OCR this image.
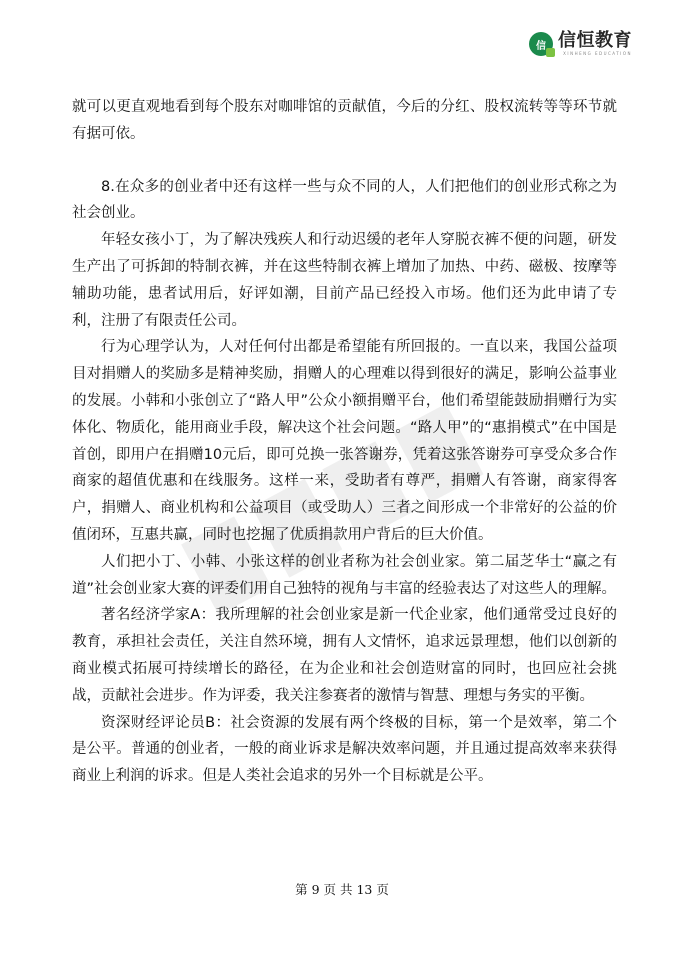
信 信恒教育
XINHENG EDUCATION

就可以更直观地看到每个股东对咖啡馆的贡献值，今后的分红、股权流转等等环节就有据可依。

8.在众多的创业者中还有这样一些与众不同的人，人们把他们的创业形式称之为社会创业。

年轻女孩小丁，为了解决残疾人和行动迟缓的老年人穿脱衣裤不便的问题，研发生产出了可拆卸的特制衣裤，并在这些特制衣裤上增加了加热、中药、磁极、按摩等辅助功能，患者试用后，好评如潮，目前产品已经投入市场。他们还为此申请了专利，注册了有限责任公司。

行为心理学认为，人对任何付出都是希望能有所回报的。一直以来，我国公益项目对捐赠人的奖励多是精神奖励，捐赠人的心理难以得到很好的满足，影响公益事业的发展。小韩和小张创立了“路人甲”公众小额捐赠平台，他们希望能鼓励捐赠行为实体化、物质化，能用商业手段，解决这个社会问题。“路人甲”的“惠捐模式”在中国是首创，即用户在捐赠10元后，即可兑换一张答谢券，凭着这张答谢券可享受众多合作商家的超值优惠和在线服务。这样一来，受助者有尊严，捐赠人有答谢，商家得客户，捐赠人、商业机构和公益项目（或受助人）三者之间形成一个非常好的公益的价值闭环，互惠共赢，同时也挖掘了优质捐款用户背后的巨大价值。

人们把小丁、小韩、小张这样的创业者称为社会创业家。第二届芝华士“赢之有道”社会创业家大赛的评委们用自己独特的视角与丰富的经验表达了对这些人的理解。

著名经济学家A：我所理解的社会创业家是新一代企业家，他们通常受过良好的教育，承担社会责任，关注自然环境，拥有人文情怀，追求远景理想，他们以创新的商业模式拓展可持续增长的路径，在为企业和社会创造财富的同时，也回应社会挑战，贡献社会进步。作为评委，我关注参赛者的激情与智慧、理想与务实的平衡。

资深财经评论员B：社会资源的发展有两个终极的目标，第一个是效率，第二个是公平。普通的创业者，一般的商业诉求是解决效率问题，并且通过提高效率来获得商业上利润的诉求。但是人类社会追求的另外一个目标就是公平。

第 9 页 共 13 页
